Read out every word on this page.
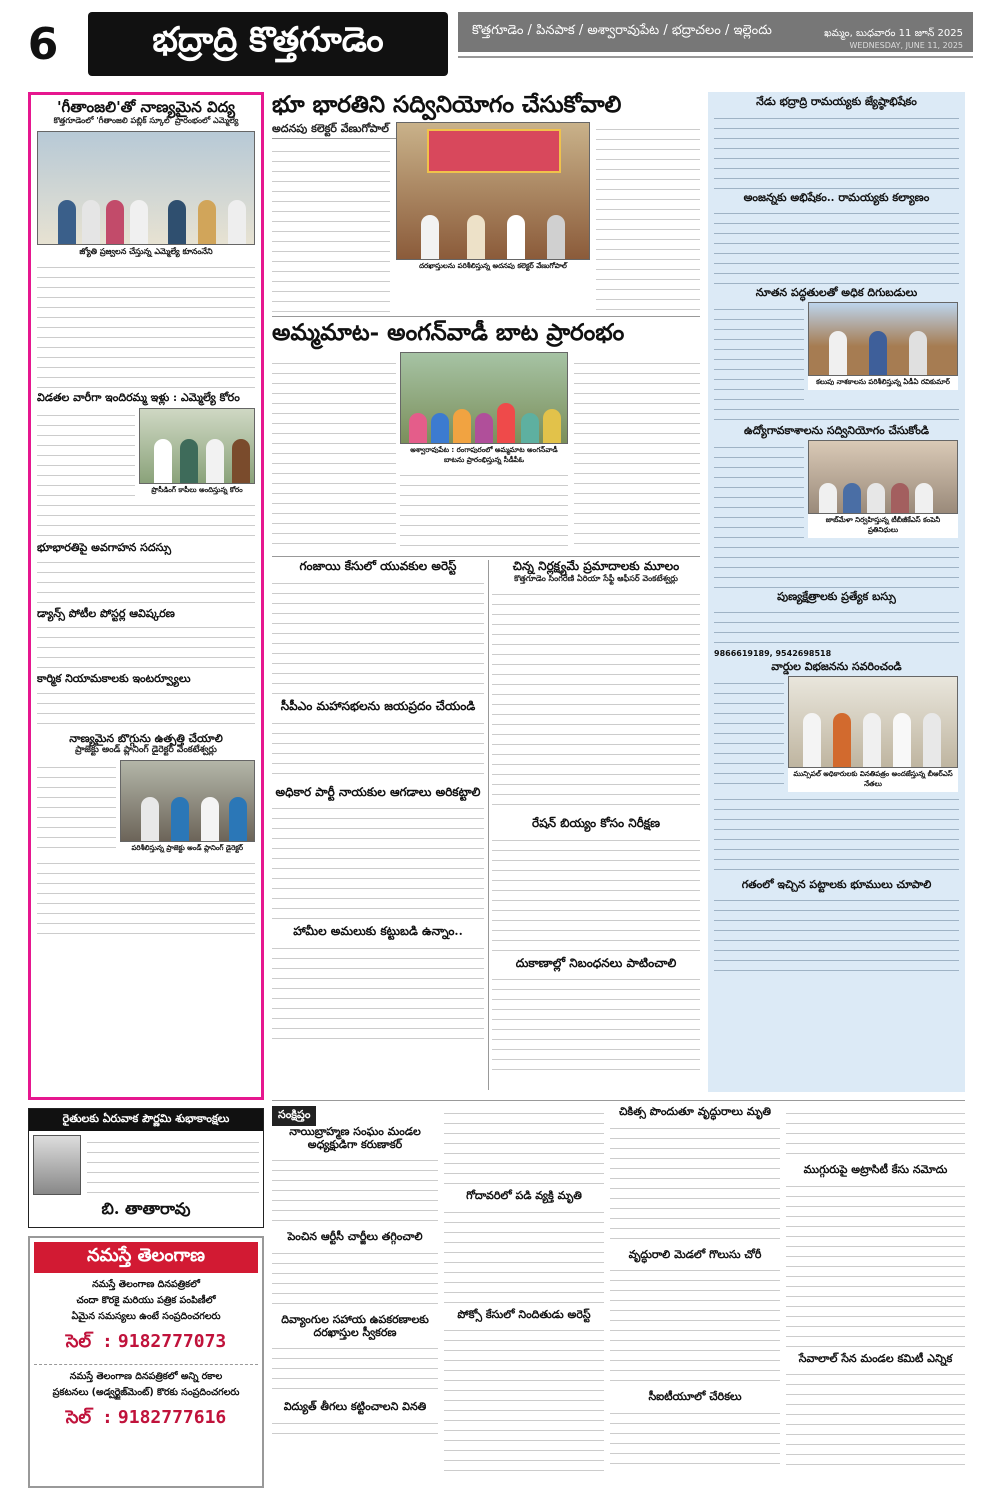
6	భద్రాద్రి కొత్తగూడెం	కొత్తగూడెం / పినపాక / అశ్వారావుపేట / భద్రాచలం / ఇల్లెందు	ఖమ్మం, బుధవారం 11 జూన్ 2025
WEDNESDAY, JUNE 11, 2025
'గీతాంజలి'తో నాణ్యమైన విద్య
కొత్తగూడెంలో 'గీతాంజలి పబ్లిక్ స్కూల్' ప్రారంభంలో ఎమ్మెల్యే
జ్యోతి ప్రజ్వలన చేస్తున్న ఎమ్మెల్యే కూనంనేని
విడతల వారీగా ఇందిరమ్మ ఇళ్లు : ఎమ్మెల్యే కోరం
ప్రొసీడింగ్ కాపీలు అందిస్తున్న కోరం
భూభారతిపై అవగాహన సదస్సు
డ్యాన్స్ పోటీల పోస్టర్ల ఆవిష్కరణ
కార్మిక నియామకాలకు ఇంటర్వ్యూలు
నాణ్యమైన బొగ్గును ఉత్పత్తి చేయాలి
ప్రాజెక్టు అండ్ ప్లానింగ్ డైరెక్టర్ వెంకటేశ్వర్లు
పరిశీలిస్తున్న ప్రాజెక్టు అండ్ ప్లానింగ్ డైరెక్టర్
భూ భారతిని సద్వినియోగం చేసుకోవాలి
అదనపు కలెక్టర్ వేణుగోపాల్
దరఖాస్తులను పరిశీలిస్తున్న అదనపు కలెక్టర్ వేణుగోపాల్
అమ్మమాట- అంగన్‌వాడీ బాట ప్రారంభం
అశ్వారావుపేట : రంగాపురంలో అమ్మమాట అంగన్‌వాడీ బాటను ప్రారంభిస్తున్న సీడీపీఓ
గంజాయి కేసులో యువకుల అరెస్ట్
సీపీఎం మహాసభలను జయప్రదం చేయండి
అధికార పార్టీ నాయకుల ఆగడాలు అరికట్టాలి
హామీల అమలుకు కట్టుబడి ఉన్నాం..
చిన్న నిర్లక్ష్యమే ప్రమాదాలకు మూలం
కొత్తగూడెం సింగరేణి ఏరియా సేఫ్టీ ఆఫీసర్ వెంకటేశ్వర్లు
రేషన్ బియ్యం కోసం నిరీక్షణ
దుకాణాల్లో నిబంధనలు పాటించాలి
నేడు భద్రాద్రి రామయ్యకు జ్యేష్ఠాభిషేకం
అంజన్నకు అభిషేకం.. రామయ్యకు కల్యాణం
నూతన పద్ధతులతో అధిక దిగుబడులు
కలుపు నాశకాలను పరిశీలిస్తున్న ఏడీఏ రవికుమార్
ఉద్యోగావకాశాలను సద్వినియోగం చేసుకోండి
జాబ్‌మేళా నిర్వహిస్తున్న టీబీజీకేఎస్ కంపెనీ ప్రతినిధులు
పుణ్యక్షేత్రాలకు ప్రత్యేక బస్సు
9866619189, 9542698518
వార్డుల విభజనను సవరించండి
మున్సిపల్ అధికారులకు వినతిపత్రం అందజేస్తున్న బీఆర్ఎస్ నేతలు
గతంలో ఇచ్చిన పట్టాలకు భూములు చూపాలి
రైతులకు ఏరువాక పౌర్ణమి శుభాకాంక్షలు
బి. తాతారావు
నమస్తే తెలంగాణ
నమస్తే తెలంగాణ దినపత్రికలో
చందా కొరకై మరియు పత్రిక పంపిణీలో
ఏమైన సమస్యలు ఉంటే సంప్రదించగలరు
సెల్ : 9182777073
నమస్తే తెలంగాణ దినపత్రికలో అన్ని రకాల
ప్రకటనలు (అడ్వర్టైజ్‌మెంట్) కొరకు సంప్రదించగలరు
సెల్ : 9182777616
సంక్షిప్తం
నాయిబ్రాహ్మణ సంఘం మండల అధ్యక్షుడిగా కరుణాకర్
పెంచిన ఆర్టీసీ చార్జీలు తగ్గించాలి
దివ్యాంగుల సహాయ ఉపకరణాలకు దరఖాస్తుల స్వీకరణ
విద్యుత్ తీగలు కట్టించాలని వినతి
గోదావరిలో పడి వ్యక్తి మృతి
పోక్సో కేసులో నిందితుడు అరెస్ట్
చికిత్స పొందుతూ వృద్ధురాలు మృతి
వృద్ధురాలి మెడలో గొలుసు చోరీ
సీఐటీయూలో చేరికలు
ముగ్గురుపై అట్రాసిటీ కేసు నమోదు
సేవాలాల్ సేన మండల కమిటీ ఎన్నిక
